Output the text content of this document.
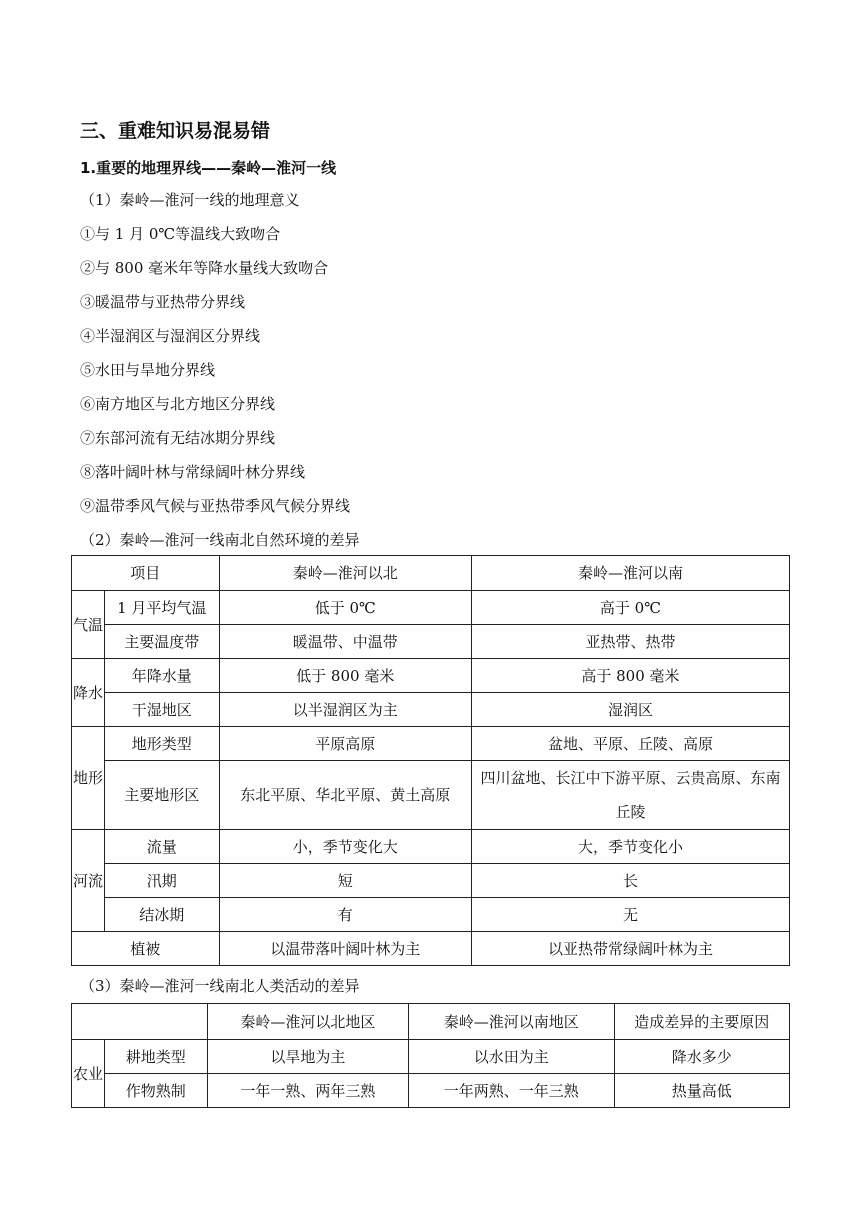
三、重难知识易混易错
1.重要的地理界线——秦岭—淮河一线
（1）秦岭—淮河一线的地理意义
①与 1 月 0℃等温线大致吻合
②与 800 毫米年等降水量线大致吻合
③暖温带与亚热带分界线
④半湿润区与湿润区分界线
⑤水田与旱地分界线
⑥南方地区与北方地区分界线
⑦东部河流有无结冰期分界线
⑧落叶阔叶林与常绿阔叶林分界线
⑨温带季风气候与亚热带季风气候分界线
（2）秦岭—淮河一线南北自然环境的差异
项目		秦岭—淮河以北	秦岭—淮河以南
气温	1 月平均气温	低于 0℃	高于 0℃
	主要温度带	暖温带、中温带	亚热带、热带
降水	年降水量	低于 800 毫米	高于 800 毫米
	干湿地区	以半湿润区为主	湿润区
地形	地形类型	平原高原	盆地、平原、丘陵、高原
	主要地形区	东北平原、华北平原、黄土高原	四川盆地、长江中下游平原、云贵高原、东南丘陵
河流	流量	小，季节变化大	大，季节变化小
	汛期	短	长
	结冰期	有	无
植被		以温带落叶阔叶林为主	以亚热带常绿阔叶林为主
（3）秦岭—淮河一线南北人类活动的差异
		秦岭—淮河以北地区	秦岭—淮河以南地区	造成差异的主要原因
农业	耕地类型	以旱地为主	以水田为主	降水多少
	作物熟制	一年一熟、两年三熟	一年两熟、一年三熟	热量高低
